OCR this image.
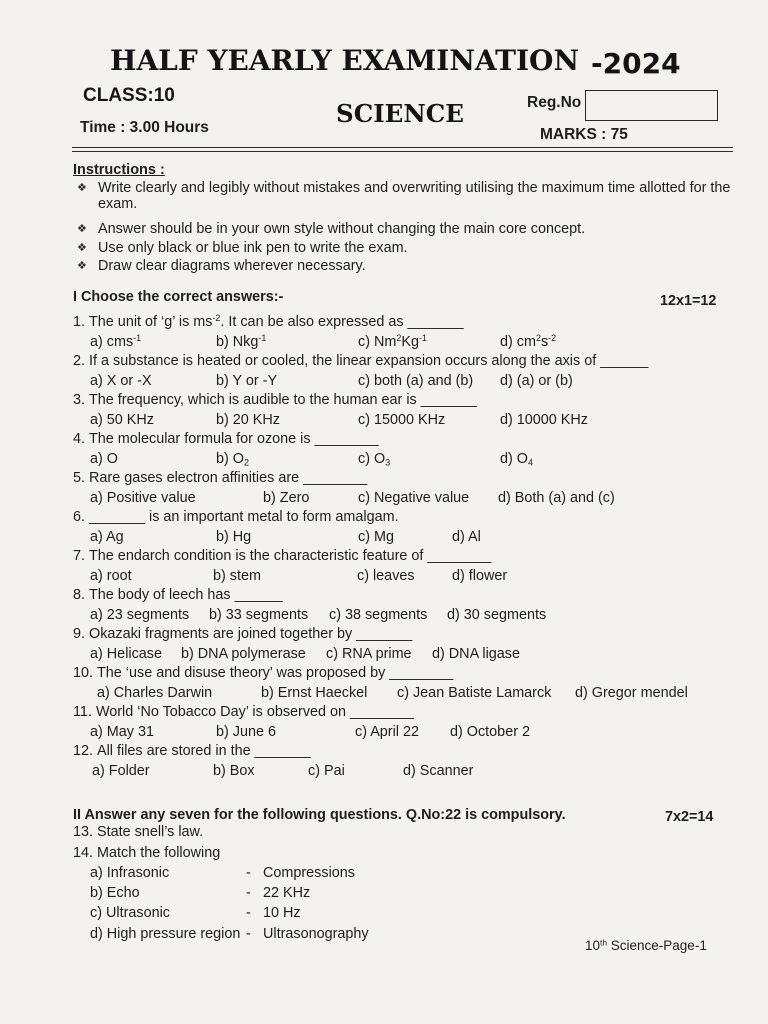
HALF YEARLY EXAMINATION -2024
CLASS:10
SCIENCE	Reg.No
Time : 3.00 Hours	MARKS : 75
Instructions :
❖ Write clearly and legibly without mistakes and overwriting utilising the maximum time allotted for the exam.
❖ Answer should be in your own style without changing the main core concept.
❖ Use only black or blue ink pen to write the exam.
❖ Draw clear diagrams wherever necessary.
I Choose the correct answers:-	12x1=12
1. The unit of ‘g’ is $ms^{-2}$. It can be also expressed as _______
a) cms$^{-1}$	b) Nkg$^{-1}$	c) $Nm^2Kg^{-1}$	d) $cm^2s^{-2}$
2. If a substance is heated or cooled, the linear expansion occurs along the axis of ______
a) X or -X	b) Y or -Y	c) both (a) and (b) d) (a) or (b)
3. The frequency, which is audible to the human ear is _______
a) 50 KHz	b) 20 KHz	c) 15000 KHz	d) 10000 KHz
4. The molecular formula for ozone is ________
a) O	b) $O_2$	c) $O_3$	d) $O_4$
5. Rare gases electron affinities are ________
a) Positive value	b) Zero	c) Negative value d) Both (a) and (c)
6. _______ is an important metal to form amalgam.
a) Ag	b) Hg	c) Mg	d) Al
7. The endarch condition is the characteristic feature of ________
a) root	b) stem	c) leaves	d) flower
8. The body of leech has ______
a) 23 segments b) 33 segments c) 38 segments d) 30 segments
9. Okazaki fragments are joined together by _______
a) Helicase b) DNA polymerase c) RNA prime d) DNA ligase
10. The ‘use and disuse theory’ was proposed by ________
a) Charles Darwin	b) Ernst Haeckel c) Jean Batiste Lamarck d) Gregor mendel
11. World ‘No Tobacco Day’ is observed on ________
a) May 31	b) June 6	c) April 22 d) October 2
12. All files are stored in the _______
a) Folder	b) Box	c) Pai	d) Scanner
II Answer any seven for the following questions. Q.No:22 is compulsory.	7x2=14
13. State snell’s law.
14. Match the following
a) Infrasonic	- Compressions
b) Echo	- 22 KHz
c) Ultrasonic	- 10 Hz
d) High pressure region - Ultrasonography
10th Science-Page-1
